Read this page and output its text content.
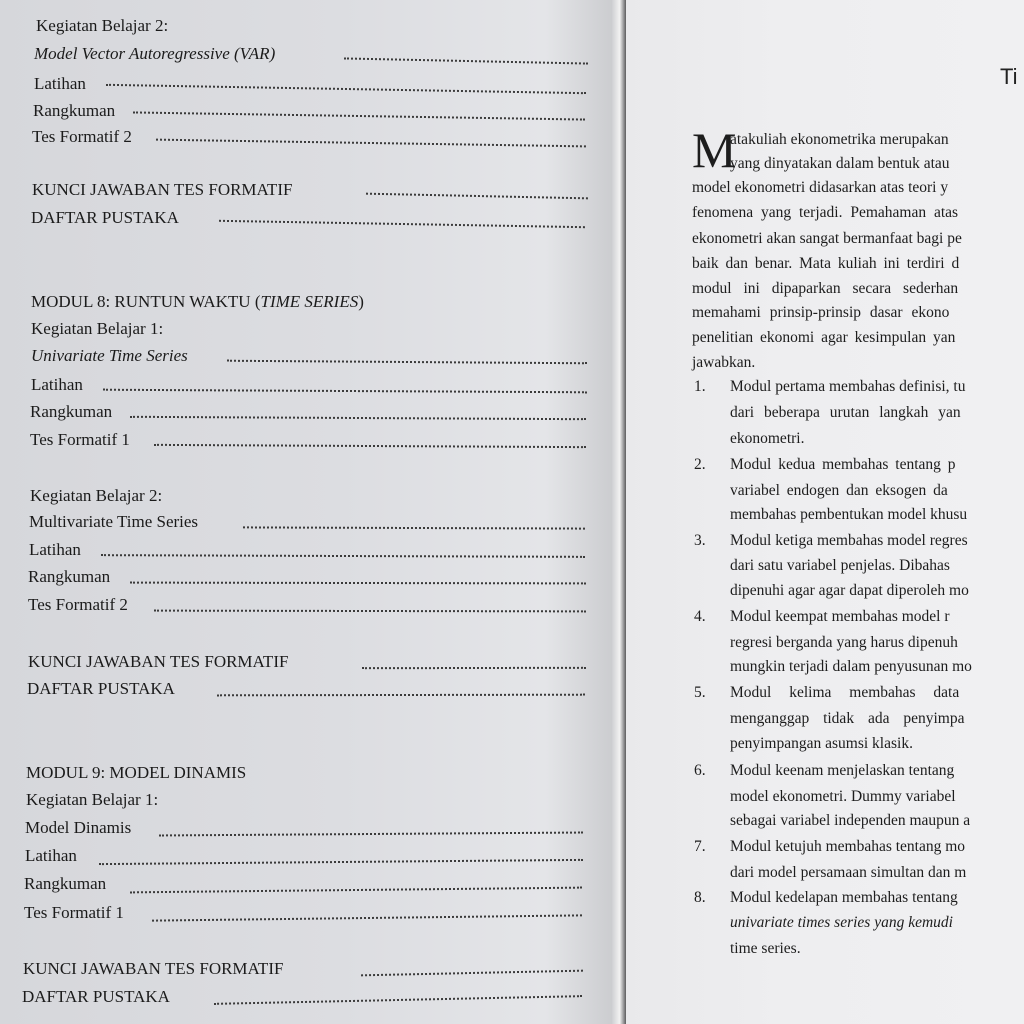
Kegiatan Belajar 2:
Model Vector Autoregressive (VAR)
Latihan
Rangkuman
Tes Formatif 2
KUNCI JAWABAN TES FORMATIF
DAFTAR PUSTAKA
MODUL 8: RUNTUN WAKTU (TIME SERIES)
Kegiatan Belajar 1:
Univariate Time Series
Latihan
Rangkuman
Tes Formatif 1
Kegiatan Belajar 2:
Multivariate Time Series
Latihan
Rangkuman
Tes Formatif 2
KUNCI JAWABAN TES FORMATIF
DAFTAR PUSTAKA
MODUL 9: MODEL DINAMIS
Kegiatan Belajar 1:
Model Dinamis
Latihan
Rangkuman
Tes Formatif 1
KUNCI JAWABAN TES FORMATIF
DAFTAR PUSTAKA
Ti
M
atakuliah ekonometrika merupakan
yang dinyatakan dalam bentuk atau
model ekonometri didasarkan atas teori y
fenomena yang terjadi. Pemahaman atas
ekonometri akan sangat bermanfaat bagi pe
baik dan benar. Mata kuliah ini terdiri d
modul ini dipaparkan secara sederhan
memahami prinsip-prinsip dasar ekono
penelitian ekonomi agar kesimpulan yan
jawabkan.
1. Modul pertama membahas definisi, tu
dari beberapa urutan langkah yan
ekonometri.
2. Modul kedua membahas tentang p
variabel endogen dan eksogen da
membahas pembentukan model khusu
3. Modul ketiga membahas model regres
dari satu variabel penjelas. Dibahas
dipenuhi agar agar dapat diperoleh mo
4. Modul keempat membahas model r
regresi berganda yang harus dipenuh
mungkin terjadi dalam penyusunan mo
5. Modul kelima membahas data
menganggap tidak ada penyimpa
penyimpangan asumsi klasik.
6. Modul keenam menjelaskan tentang
model ekonometri. Dummy variabel
sebagai variabel independen maupun a
7. Modul ketujuh membahas tentang mo
dari model persamaan simultan dan m
8. Modul kedelapan membahas tentang
univariate times series yang kemudi
time series.
